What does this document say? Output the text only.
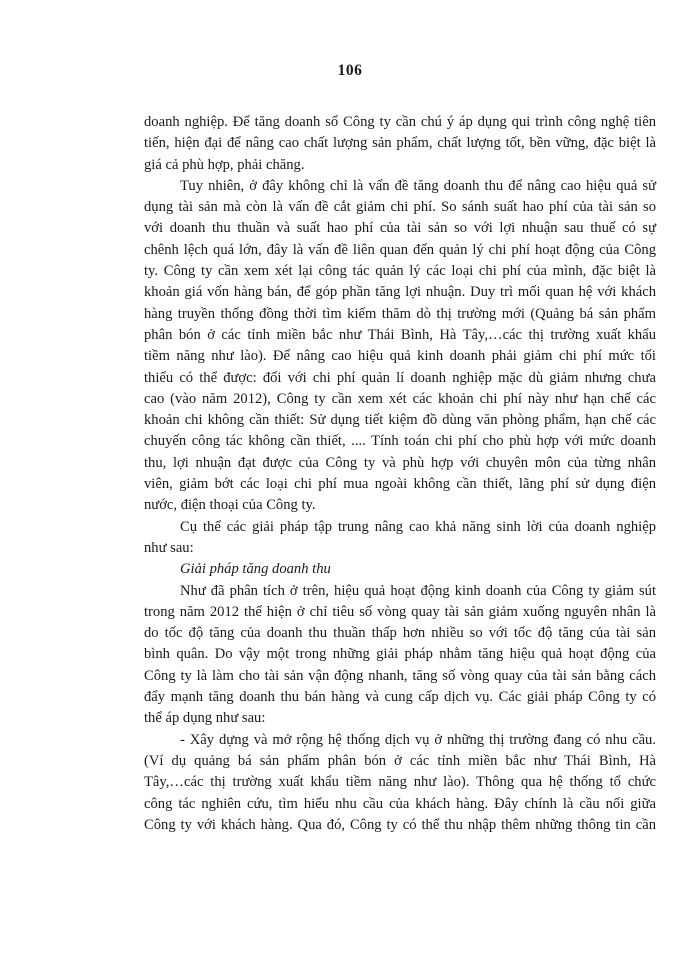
106
doanh nghiệp. Để tăng doanh số Công ty cần chú ý áp dụng qui trình công nghệ tiên
tiến, hiện đại để nâng cao chất lượng sản phẩm, chất lượng tốt, bền vững, đặc biệt là
giá cả phù hợp, phải chăng.
Tuy nhiên, ở đây không chỉ là vấn đề tăng doanh thu để nâng cao hiệu quả sử
dụng tài sản mà còn là vấn đề cắt giảm chi phí. So sánh suất hao phí của tài sản so
với doanh thu thuần và suất hao phí của tài sản so với lợi nhuận sau thuế có sự
chênh lệch quá lớn, đây là vấn đề liên quan đến quản lý chi phí hoạt động của Công
ty. Công ty cần xem xét lại công tác quản lý các loại chi phí của mình, đặc biệt là
khoản giá vốn hàng bán, để góp phần tăng lợi nhuận. Duy trì mối quan hệ với khách
hàng truyền thống đồng thời tìm kiếm thăm dò thị trường mới (Quảng bá sản phẩm
phân bón ở các tỉnh miền bắc như Thái Bình, Hà Tây,…các thị trường xuất khẩu
tiềm năng như lào). Để nâng cao hiệu quả kinh doanh phải giảm chi phí mức tối
thiểu có thể được: đối với chi phí quản lí doanh nghiệp mặc dù giảm nhưng chưa
cao (vào năm 2012), Công ty cần xem xét các khoản chi phí này như hạn chế các
khoản chi không cần thiết: Sử dụng tiết kiệm đồ dùng văn phòng phẩm, hạn chế các
chuyến công tác không cần thiết, .... Tính toán chi phí cho phù hợp với mức doanh
thu, lợi nhuận đạt được của Công ty và phù hợp với chuyên môn của từng nhân
viên, giảm bớt các loại chi phí mua ngoài không cần thiết, lãng phí sử dụng điện
nước, điện thoại của Công ty.
Cụ thể các giải pháp tập trung nâng cao khả năng sinh lời của doanh nghiệp
như sau:
Giải pháp tăng doanh thu
Như đã phân tích ở trên, hiệu quả hoạt động kinh doanh của Công ty giảm sút
trong năm 2012 thể hiện ở chỉ tiêu số vòng quay tài sản giảm xuống nguyên nhân là
do tốc độ tăng của doanh thu thuần thấp hơn nhiều so với tốc độ tăng của tài sản
bình quân. Do vậy một trong những giải pháp nhằm tăng hiệu quả hoạt động của
Công ty là làm cho tài sản vận động nhanh, tăng số vòng quay của tài sản bằng cách
đẩy mạnh tăng doanh thu bán hàng và cung cấp dịch vụ. Các giải pháp Công ty có
thể áp dụng như sau:
- Xây dựng và mở rộng hệ thống dịch vụ ở những thị trường đang có nhu cầu.
(Ví dụ quảng bá sản phẩm phân bón ở các tỉnh miền bắc như Thái Bình, Hà
Tây,…các thị trường xuất khẩu tiềm năng như lào). Thông qua hệ thống tổ chức
công tác nghiên cứu, tìm hiểu nhu cầu của khách hàng. Đây chính là cầu nối giữa
Công ty với khách hàng. Qua đó, Công ty có thể thu nhập thêm những thông tin cần
